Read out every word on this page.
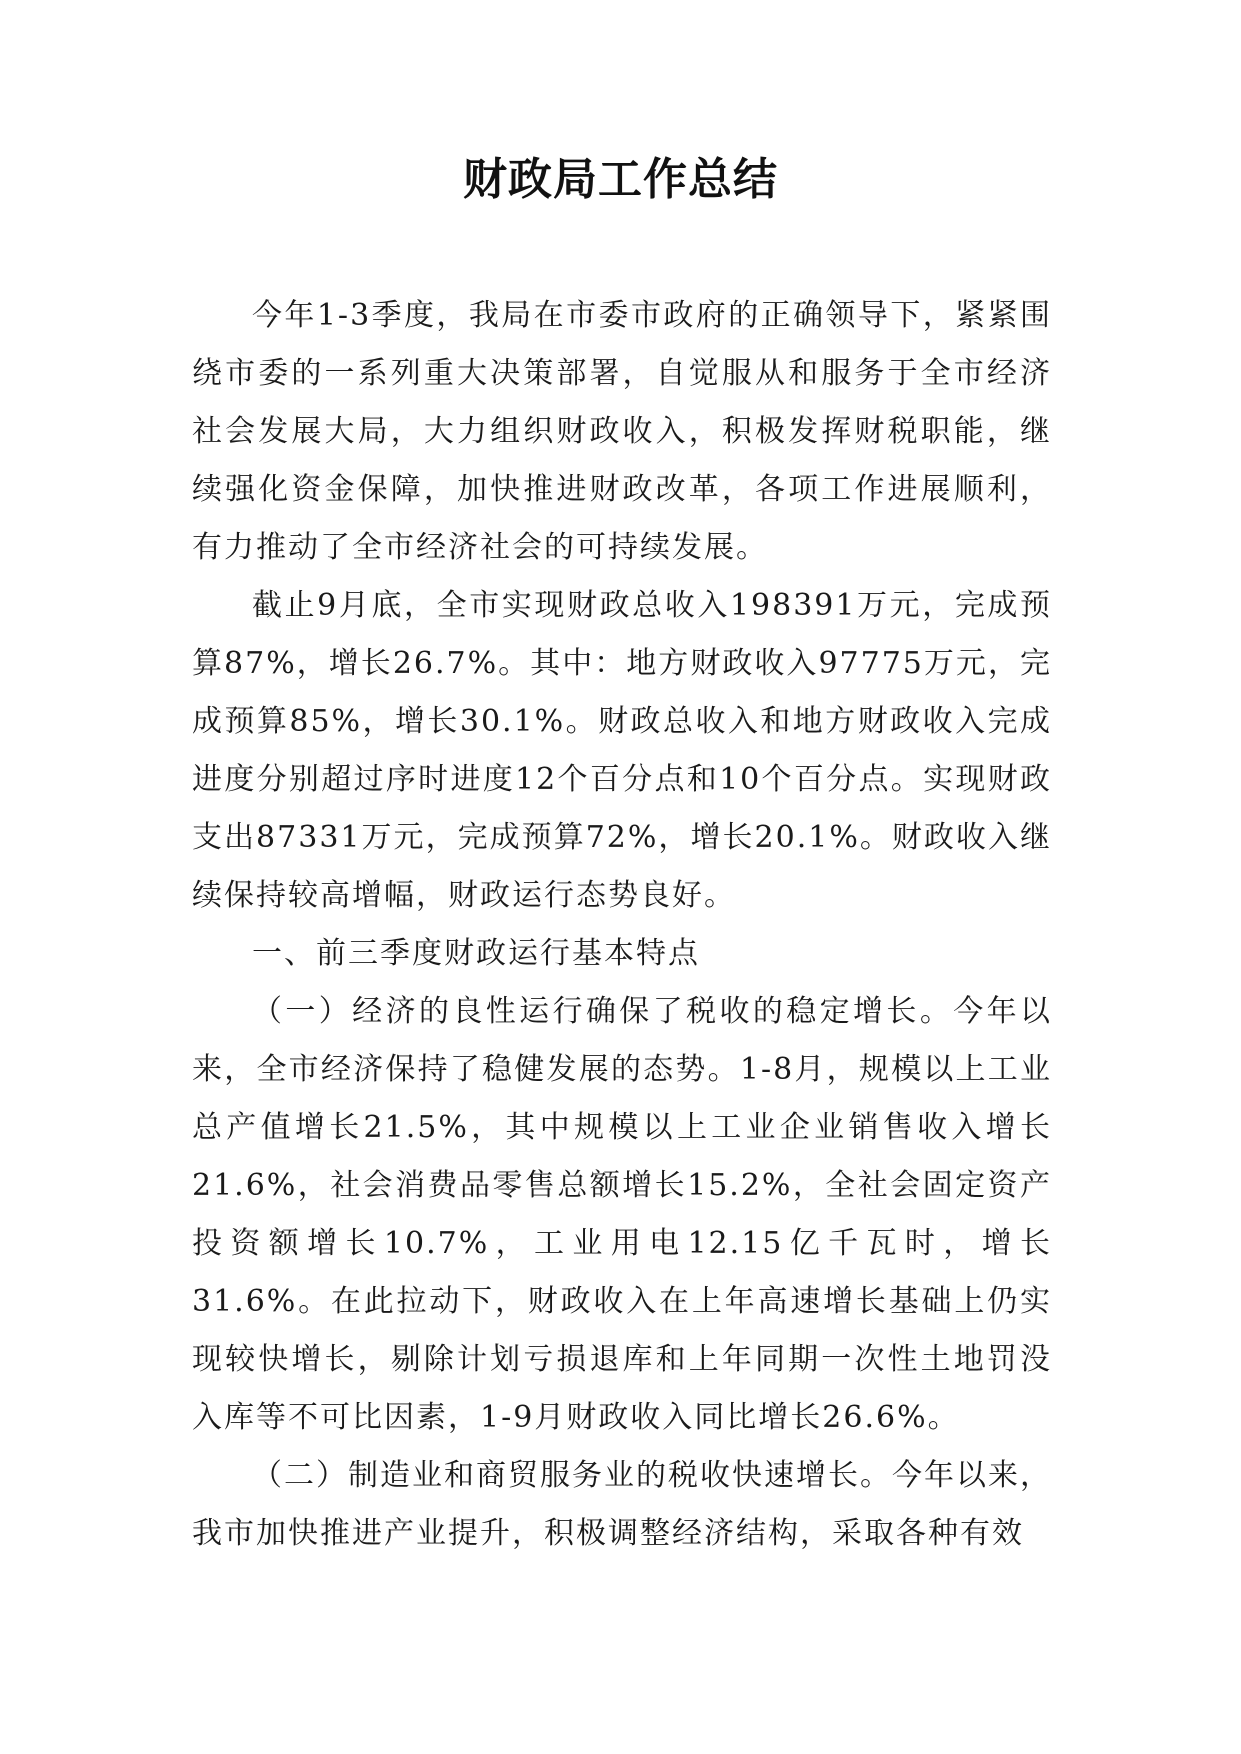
财政局工作总结

今年1-3季度，我局在市委市政府的正确领导下，紧紧围绕市委的一系列重大决策部署，自觉服从和服务于全市经济社会发展大局，大力组织财政收入，积极发挥财税职能，继续强化资金保障，加快推进财政改革，各项工作进展顺利，有力推动了全市经济社会的可持续发展。

截止9月底，全市实现财政总收入198391万元，完成预算87%，增长26.7%。其中：地方财政收入97775万元，完成预算85%，增长30.1%。财政总收入和地方财政收入完成进度分别超过序时进度12个百分点和10个百分点。实现财政支出87331万元，完成预算72%，增长20.1%。财政收入继续保持较高增幅，财政运行态势良好。

一、前三季度财政运行基本特点

（一）经济的良性运行确保了税收的稳定增长。今年以来，全市经济保持了稳健发展的态势。1-8月，规模以上工业总产值增长21.5%，其中规模以上工业企业销售收入增长21.6%，社会消费品零售总额增长15.2%，全社会固定资产投资额增长10.7%，工业用电12.15亿千瓦时，增长31.6%。在此拉动下，财政收入在上年高速增长基础上仍实现较快增长，剔除计划亏损退库和上年同期一次性土地罚没入库等不可比因素，1-9月财政收入同比增长26.6%。

（二）制造业和商贸服务业的税收快速增长。今年以来，我市加快推进产业提升，积极调整经济结构，采取各种有效
